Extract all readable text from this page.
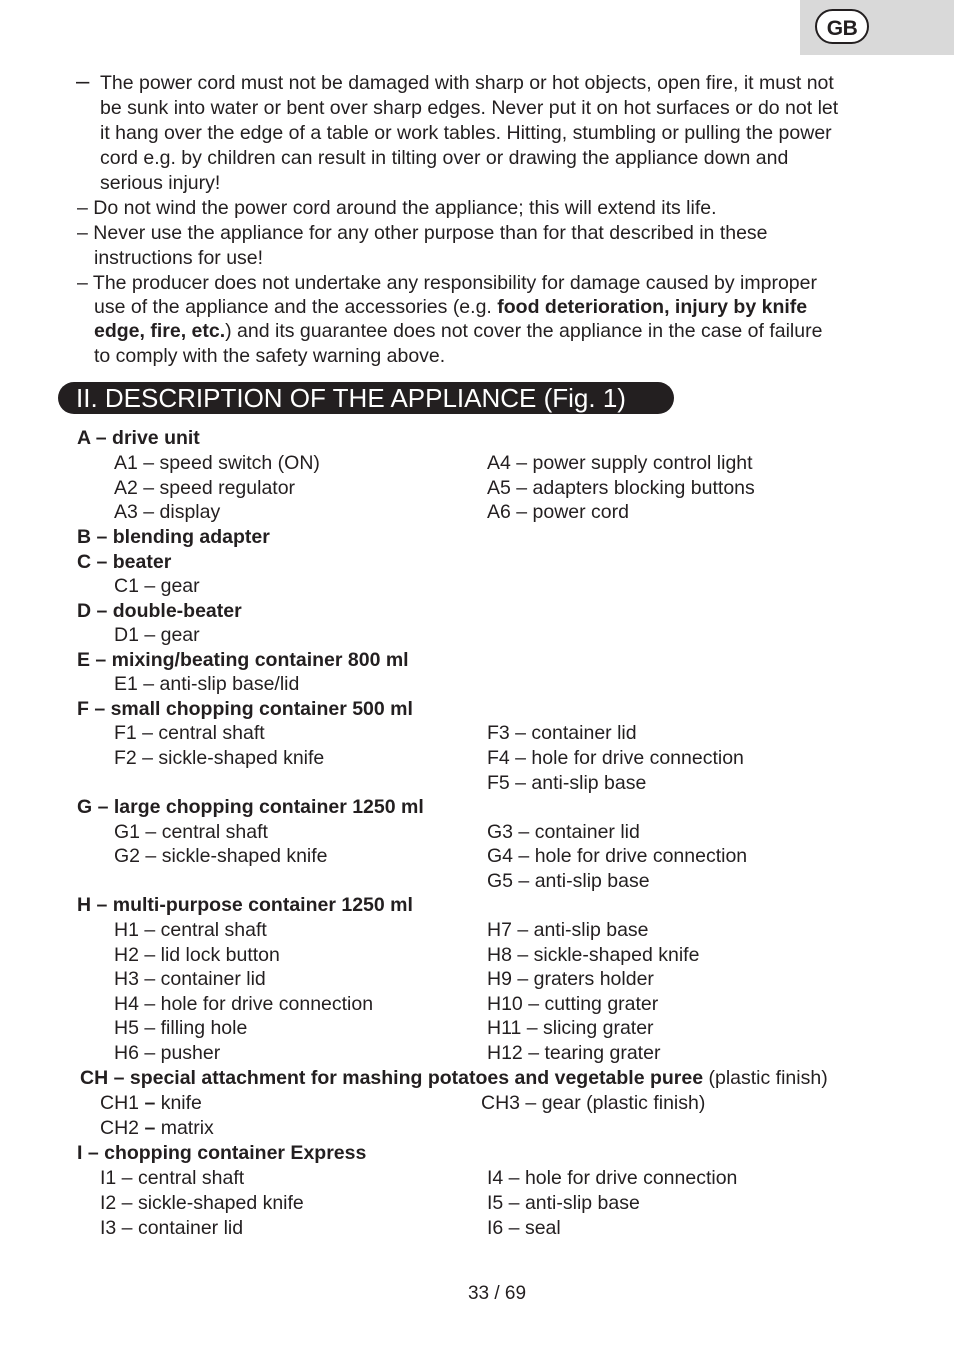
GB
– The power cord must not be damaged with sharp or hot objects, open fire, it must not
be sunk into water or bent over sharp edges. Never put it on hot surfaces or do not let
it hang over the edge of a table or work tables. Hitting, stumbling or pulling the power
cord e.g. by children can result in tilting over or drawing the appliance down and
serious injury!
– Do not wind the power cord around the appliance; this will extend its life.
– Never use the appliance for any other purpose than for that described in these
instructions for use!
– The producer does not undertake any responsibility for damage caused by improper
use of the appliance and the accessories (e.g. food deterioration, injury by knife
edge, fire, etc.) and its guarantee does not cover the appliance in the case of failure
to comply with the safety warning above.
II. DESCRIPTION OF THE APPLIANCE (Fig. 1)
A – drive unit
A1 – speed switch (ON)	A4 – power supply control light
A2 – speed regulator	A5 – adapters blocking buttons
A3 – display	A6 – power cord
B – blending adapter
C – beater
C1 – gear
D – double-beater
D1 – gear
E – mixing/beating container 800 ml
E1 – anti-slip base/lid
F – small chopping container 500 ml
F1 – central shaft	F3 – container lid
F2 – sickle-shaped knife	F4 – hole for drive connection
F5 – anti-slip base
G – large chopping container 1250 ml
G1 – central shaft	G3 – container lid
G2 – sickle-shaped knife	G4 – hole for drive connection
G5 – anti-slip base
H – multi-purpose container 1250 ml
H1 – central shaft	H7 – anti-slip base
H2 – lid lock button	H8 – sickle-shaped knife
H3 – container lid	H9 – graters holder
H4 – hole for drive connection	H10 – cutting grater
H5 – filling hole	H11 – slicing grater
H6 – pusher	H12 – tearing grater
CH – special attachment for mashing potatoes and vegetable puree (plastic finish)
CH1 – knife	CH3 – gear (plastic finish)
CH2 – matrix
I – chopping container Express
I1 – central shaft	I4 – hole for drive connection
I2 – sickle-shaped knife	I5 – anti-slip base
I3 – container lid	I6 – seal
33 / 69
